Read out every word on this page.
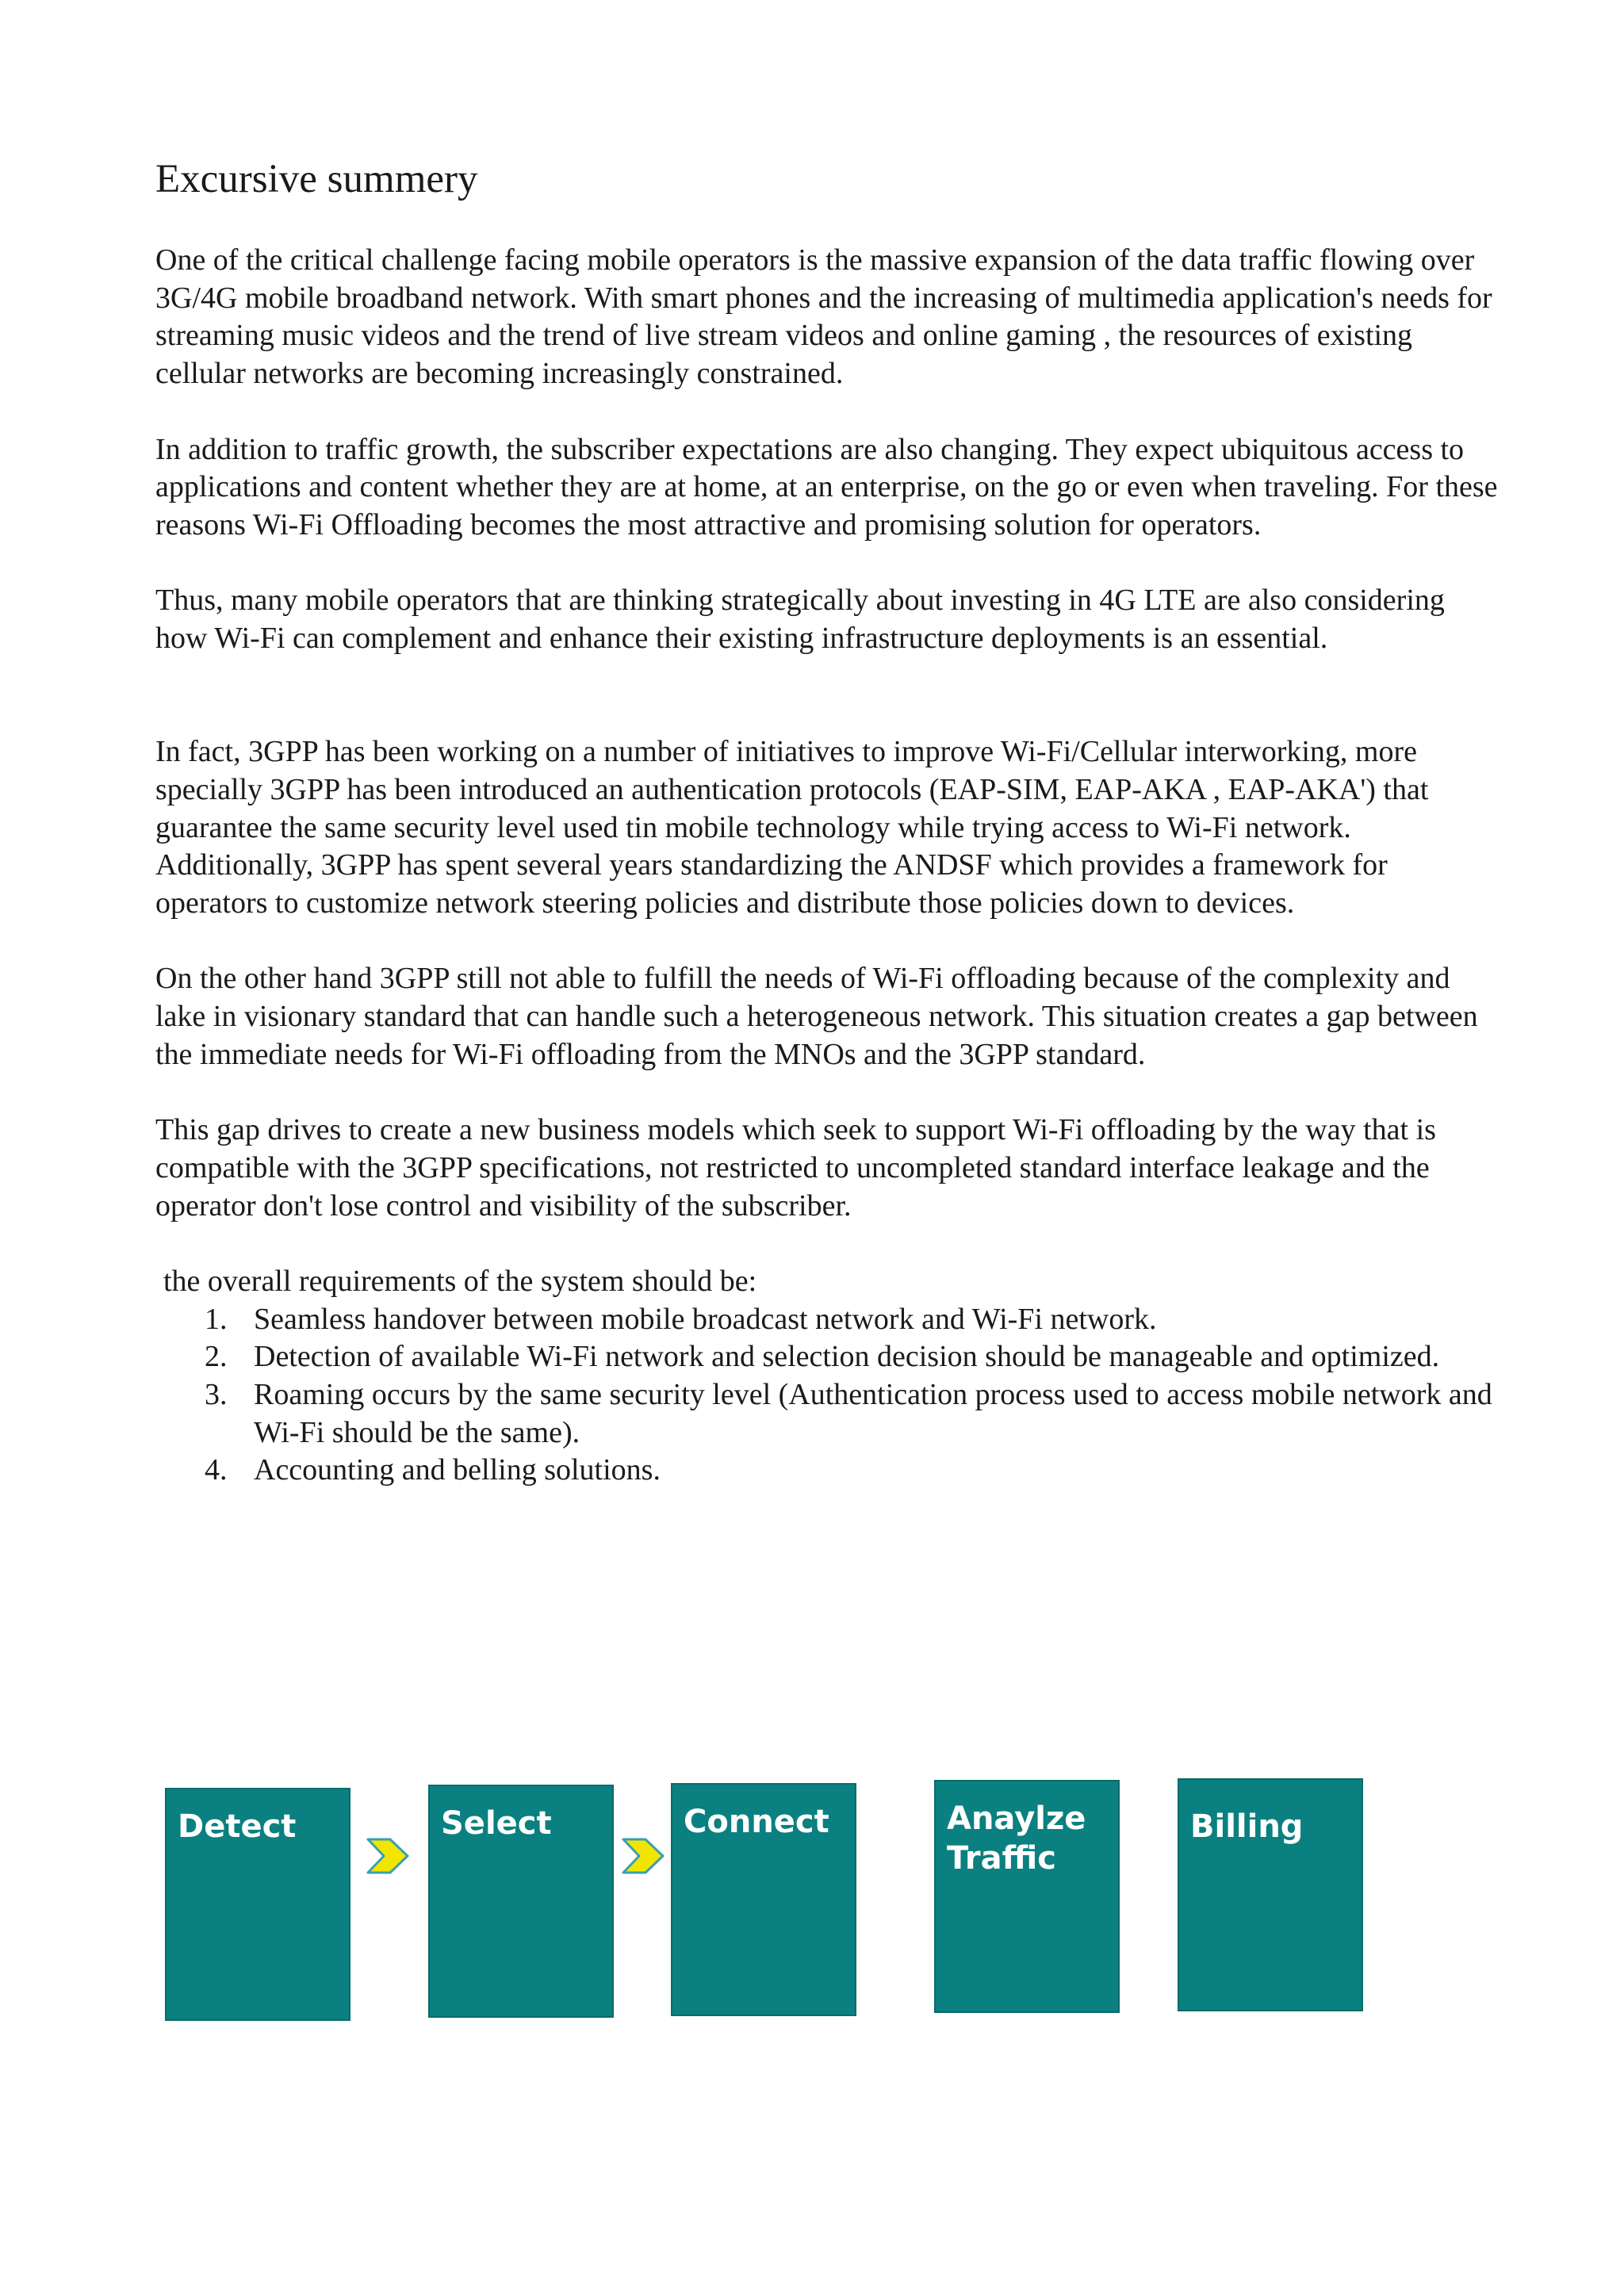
Excursive summery

One of the critical challenge facing mobile operators is the massive expansion of the data traffic flowing over 3G/4G mobile broadband network. With smart phones and the increasing of multimedia application's needs for streaming music videos and the trend of live stream videos and online gaming , the resources of existing cellular networks are becoming increasingly constrained.

In addition to traffic growth, the subscriber expectations are also changing. They expect ubiquitous access to applications and content whether they are at home, at an enterprise, on the go or even when traveling. For these reasons Wi-Fi Offloading becomes the most attractive and promising solution for operators.

Thus, many mobile operators that are thinking strategically about investing in 4G LTE are also considering how Wi-Fi can complement and enhance their existing infrastructure deployments is an essential.

In fact, 3GPP has been working on a number of initiatives to improve Wi-Fi/Cellular interworking, more specially 3GPP has been introduced an authentication protocols (EAP-SIM, EAP-AKA , EAP-AKA') that guarantee the same security level used tin mobile technology while trying access to Wi-Fi network.

Additionally, 3GPP has spent several years standardizing the ANDSF which provides a framework for operators to customize network steering policies and distribute those policies down to devices.

On the other hand 3GPP still not able to fulfill the needs of Wi-Fi offloading because of the complexity and lake in visionary standard that can handle such a heterogeneous network. This situation creates a gap between the immediate needs for Wi-Fi offloading from the MNOs and the 3GPP standard.

This gap drives to create a new business models which seek to support Wi-Fi offloading by the way that is compatible with the 3GPP specifications, not restricted to uncompleted standard interface leakage and the operator don't lose control and visibility of the subscriber.

the overall requirements of the system should be:

1. Seamless handover between mobile broadcast network and Wi-Fi network.
2. Detection of available Wi-Fi network and selection decision should be manageable and optimized.
3. Roaming occurs by the same security level (Authentication process used to access mobile network and Wi-Fi should be the same).
4. Accounting and belling solutions.
Detect	Select	Connect	Anaylze
Traffic
Billing
